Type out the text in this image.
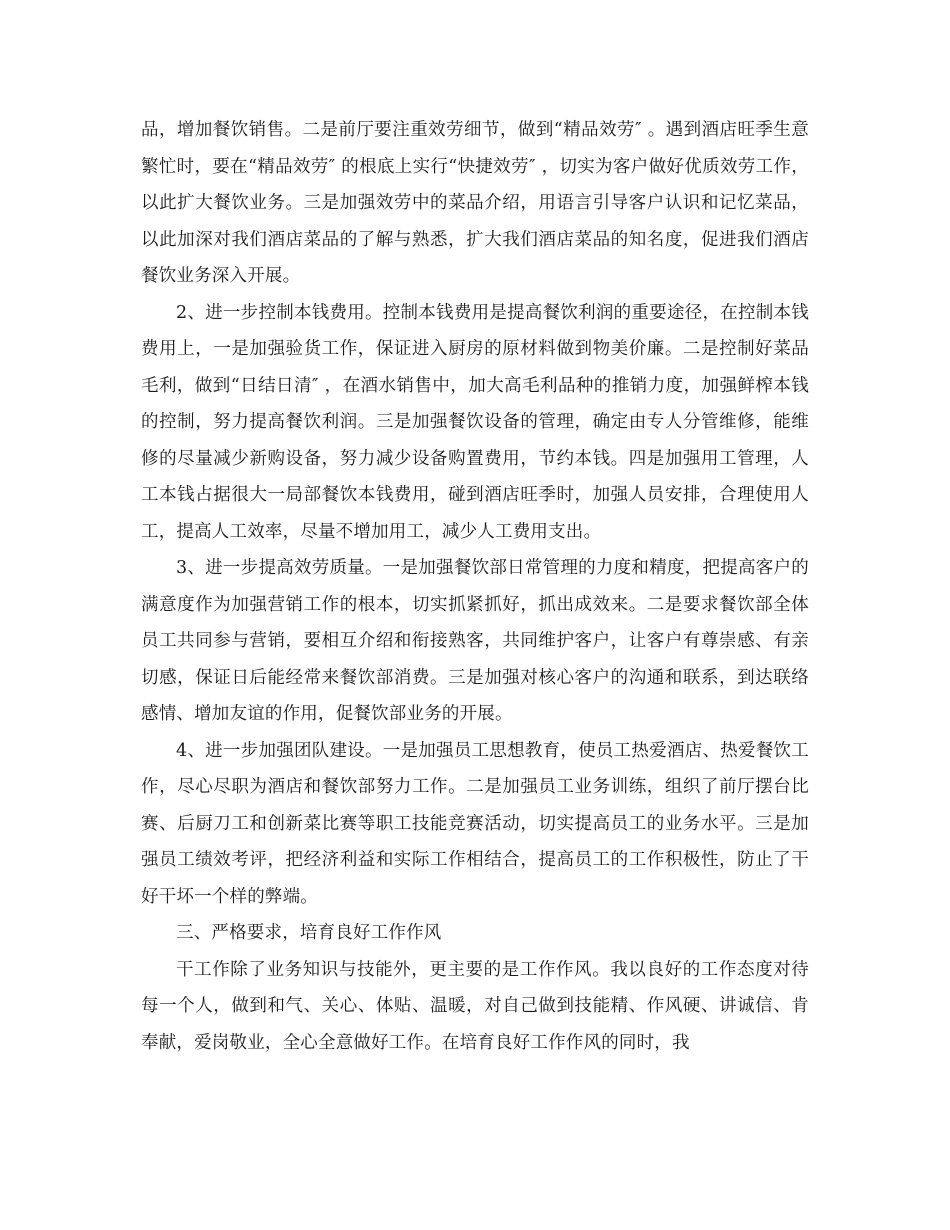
品，增加餐饮销售。二是前厅要注重效劳细节，做到“精品效劳″ 。遇到酒店旺季生意繁忙时，要在“精品效劳″ 的根底上实行“快捷效劳″ ，切实为客户做好优质效劳工作，以此扩大餐饮业务。三是加强效劳中的菜品介绍，用语言引导客户认识和记忆菜品，以此加深对我们酒店菜品的了解与熟悉，扩大我们酒店菜品的知名度，促进我们酒店餐饮业务深入开展。

2、进一步控制本钱费用。控制本钱费用是提高餐饮利润的重要途径，在控制本钱费用上，一是加强验货工作，保证进入厨房的原材料做到物美价廉。二是控制好菜品毛利，做到“日结日清″ ，在酒水销售中，加大高毛利品种的推销力度，加强鲜榨本钱的控制，努力提高餐饮利润。三是加强餐饮设备的管理，确定由专人分管维修，能维修的尽量减少新购设备，努力减少设备购置费用，节约本钱。四是加强用工管理，人工本钱占据很大一局部餐饮本钱费用，碰到酒店旺季时，加强人员安排，合理使用人工，提高人工效率，尽量不增加用工，减少人工费用支出。

3、进一步提高效劳质量。一是加强餐饮部日常管理的力度和精度，把提高客户的满意度作为加强营销工作的根本，切实抓紧抓好，抓出成效来。二是要求餐饮部全体员工共同参与营销，要相互介绍和衔接熟客，共同维护客户，让客户有尊崇感、有亲切感，保证日后能经常来餐饮部消费。三是加强对核心客户的沟通和联系，到达联络感情、增加友谊的作用，促餐饮部业务的开展。

4、进一步加强团队建设。一是加强员工思想教育，使员工热爱酒店、热爱餐饮工作，尽心尽职为酒店和餐饮部努力工作。二是加强员工业务训练，组织了前厅摆台比赛、后厨刀工和创新菜比赛等职工技能竞赛活动，切实提高员工的业务水平。三是加强员工绩效考评，把经济利益和实际工作相结合，提高员工的工作积极性，防止了干好干坏一个样的弊端。

三、严格要求，培育良好工作作风

干工作除了业务知识与技能外，更主要的是工作作风。我以良好的工作态度对待每一个人，做到和气、关心、体贴、温暖，对自己做到技能精、作风硬、讲诚信、肯奉献，爱岗敬业，全心全意做好工作。在培育良好工作作风的同时，我
